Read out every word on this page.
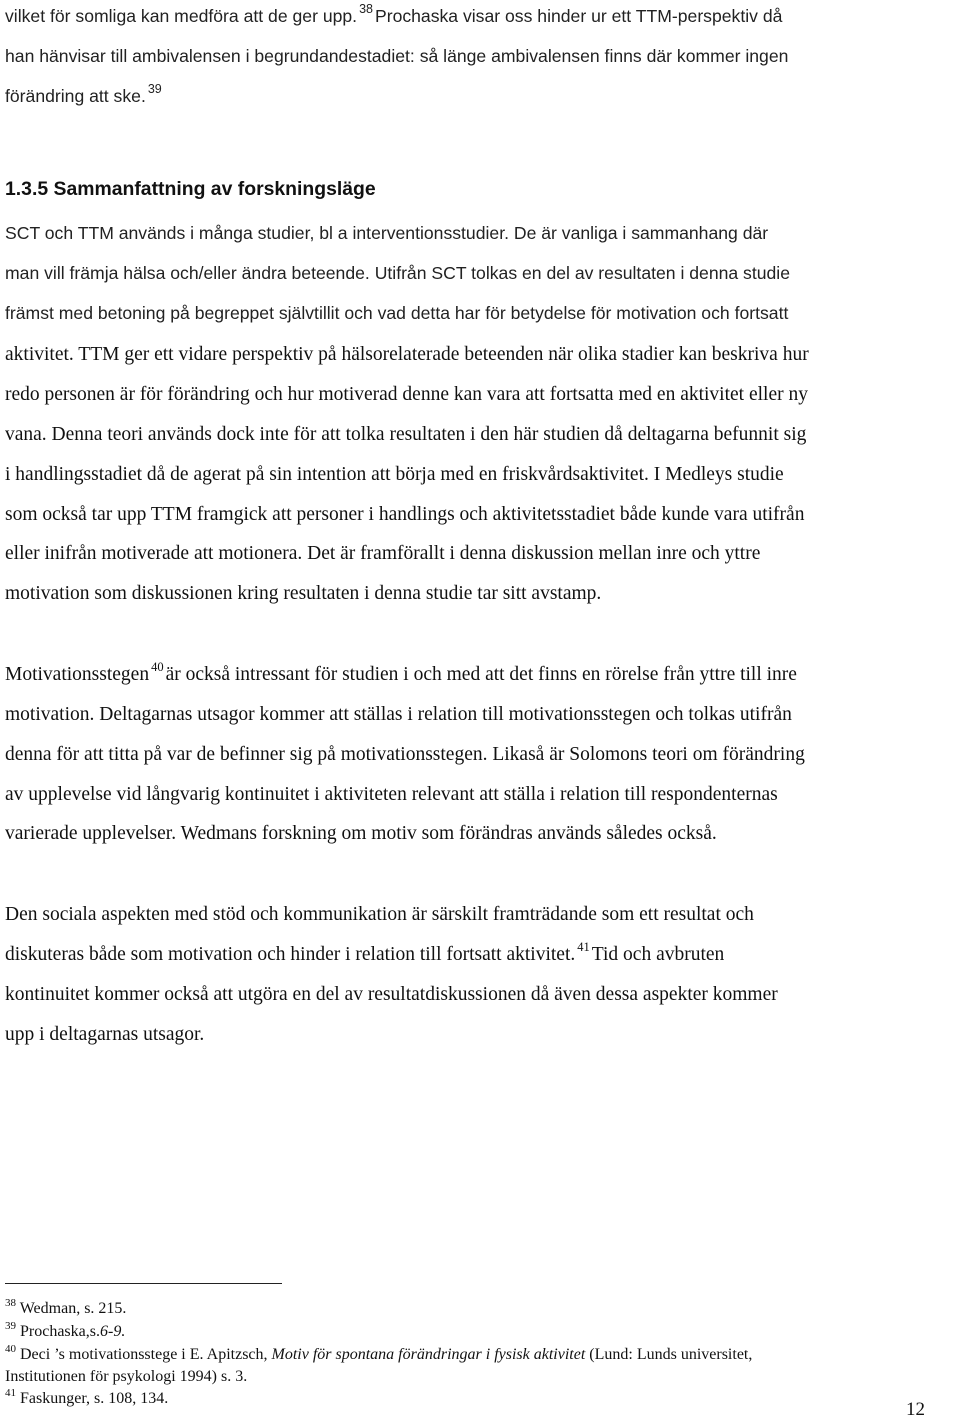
vilket för somliga kan medföra att de ger upp. $^{38}$ Prochaska visar oss hinder ur ett TTM-perspektiv då
han hänvisar till ambivalensen i begrundandestadiet: så länge ambivalensen finns där kommer ingen
förändring att ske. $^{39}$
1.3.5 Sammanfattning av forskningsläge
SCT och TTM används i många studier, bl a interventionsstudier. De är vanliga i sammanhang där
man vill främja hälsa och/eller ändra beteende. Utifrån SCT tolkas en del av resultaten i denna studie
främst med betoning på begreppet självtillit och vad detta har för betydelse för motivation och fortsatt
aktivitet. TTM ger ett vidare perspektiv på hälsorelaterade beteenden när olika stadier kan beskriva hur
redo personen är för förändring och hur motiverad denne kan vara att fortsatta med en aktivitet eller ny
vana. Denna teori används dock inte för att tolka resultaten i den här studien då deltagarna befunnit sig
i handlingsstadiet då de agerat på sin intention att börja med en friskvårdsaktivitet. I Medleys studie
som också tar upp TTM framgick att personer i handlings och aktivitetsstadiet både kunde vara utifrån
eller inifrån motiverade att motionera. Det är framförallt i denna diskussion mellan inre och yttre
motivation som diskussionen kring resultaten i denna studie tar sitt avstamp.
Motivationsstegen $^{40}$ är också intressant för studien i och med att det finns en rörelse från yttre till inre
motivation. Deltagarnas utsagor kommer att ställas i relation till motivationsstegen och tolkas utifrån
denna för att titta på var de befinner sig på motivationsstegen. Likaså är Solomons teori om förändring
av upplevelse vid långvarig kontinuitet i aktiviteten relevant att ställa i relation till respondenternas
varierade upplevelser. Wedmans forskning om motiv som förändras används således också.
Den sociala aspekten med stöd och kommunikation är särskilt framträdande som ett resultat och
diskuteras både som motivation och hinder i relation till fortsatt aktivitet. $^{41}$ Tid och avbruten
kontinuitet kommer också att utgöra en del av resultatdiskussionen då även dessa aspekter kommer
upp i deltagarnas utsagor.
$^{38}$ Wedman, s. 215.
$^{39}$ Prochaska,s.6-9.
$^{40}$ Deci ’s motivationsstege i E. Apitzsch, Motiv för spontana förändringar i fysisk aktivitet (Lund: Lunds universitet,
Institutionen för psykologi 1994) s. 3.
$^{41}$ Faskunger, s. 108, 134.
12
